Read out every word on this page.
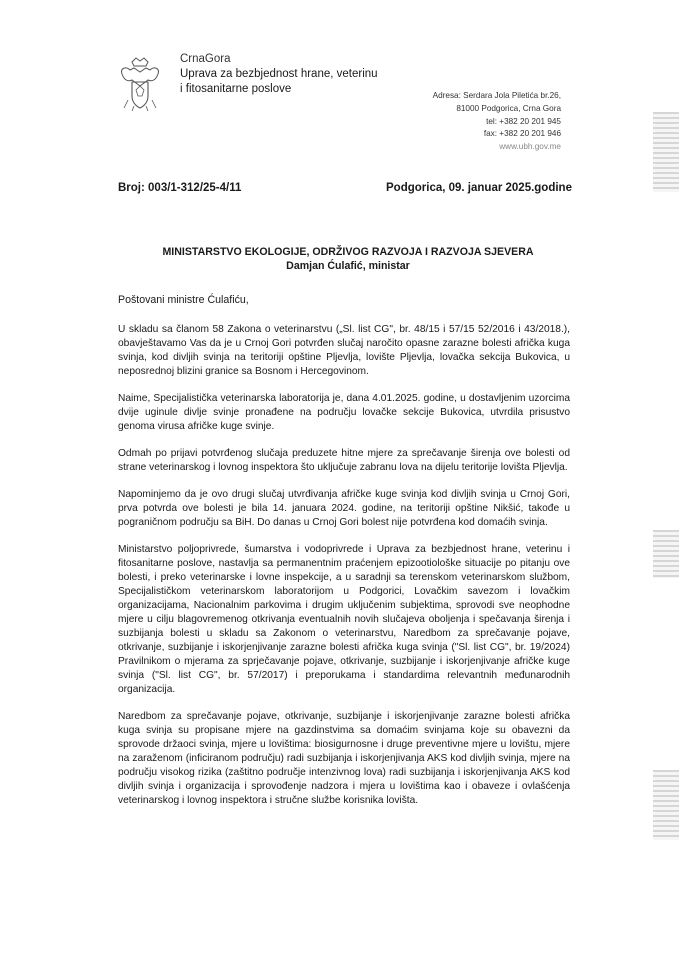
CrnaGora
Uprava za bezbjednost hrane, veterinu
i fitosanitarne poslove
Adresa: Serdara Jola Piletića br.26,
81000 Podgorica, Crna Gora
tel: +382 20 201 945
fax: +382 20 201 946
www.ubh.gov.me
Broj: 003/1-312/25-4/11	Podgorica, 09. januar 2025.godine
MINISTARSTVO EKOLOGIJE, ODRŽIVOG RAZVOJA I RAZVOJA SJEVERA
Damjan Ćulafić, ministar
Poštovani ministre Ćulafiću,

U skladu sa članom 58 Zakona o veterinarstvu („Sl. list CG", br. 48/15 i 57/15 52/2016 i 43/2018.), obavještavamo Vas da je u Crnoj Gori potvrđen slučaj naročito opasne zarazne bolesti afrička kuga svinja, kod divljih svinja na teritoriji opštine Pljevlja, lovište Pljevlja, lovačka sekcija Bukovica, u neposrednoj blizini granice sa Bosnom i Hercegovinom.

Naime, Specijalistička veterinarska laboratorija je, dana 4.01.2025. godine, u dostavljenim uzorcima dvije uginule divlje svinje pronađene na području lovačke sekcije Bukovica, utvrdila prisustvo genoma virusa afričke kuge svinje.

Odmah po prijavi potvrđenog slučaja preduzete hitne mjere za sprečavanje širenja ove bolesti od strane veterinarskog i lovnog inspektora što uključuje zabranu lova na dijelu teritorije lovišta Pljevlja.

Napominjemo da je ovo drugi slučaj utvrđivanja afričke kuge svinja kod divljih svinja u Crnoj Gori, prva potvrda ove bolesti je bila 14. januara 2024. godine, na teritoriji opštine Nikšić, takođe u pograničnom području sa BiH. Do danas u Crnoj Gori bolest nije potvrđena kod domaćih svinja.

Ministarstvo poljoprivrede, šumarstva i vodoprivrede i Uprava za bezbjednost hrane, veterinu i fitosanitarne poslove, nastavlja sa permanentnim praćenjem epizootiološke situacije po pitanju ove bolesti, i preko veterinarske i lovne inspekcije, a u saradnji sa terenskom veterinarskom službom, Specijalističkom veterinarskom laboratorijom u Podgorici, Lovačkim savezom i lovačkim organizacijama, Nacionalnim parkovima i drugim uključenim subjektima, sprovodi sve neophodne mjere u cilju blagovremenog otkrivanja eventualnih novih slučajeva obolјenja i spečavanja širenja i suzbijanja bolesti u skladu sa Zakonom o veterinarstvu, Naredbom za sprečavanje pojave, otkrivanje, suzbijanje i iskorjenjivanje zarazne bolesti afrička kuga svinja ("Sl. list CG", br. 19/2024) Pravilnikom o mjerama za sprječavanje pojave, otkrivanje, suzbijanje i iskorjenjivanje afričke kuge svinja ("Sl. list CG", br. 57/2017) i preporukama i standardima relevantnih međunarodnih organizacija.

Naredbom za sprečavanje pojave, otkrivanje, suzbijanje i iskorjenjivanje zarazne bolesti afrička kuga svinja su propisane mjere na gazdinstvima sa domaćim svinjama koje su obavezni da sprovode držaoci svinja, mjere u lovištima: biosigurnosne i druge preventivne mjere u lovištu, mjere na zaraženom (inficiranom području) radi suzbijanja i iskorjenjivanja AKS kod divljih svinja, mjere na području visokog rizika (zaštitno područje intenzivnog lova) radi suzbijanja i iskorjenjivanja AKS kod divljih svinja i organizacija i sprovođenje nadzora i mjera u lovištima kao i obaveze i ovlašćenja veterinarskog i lovnog inspektora i stručne službe korisnika lovišta.
